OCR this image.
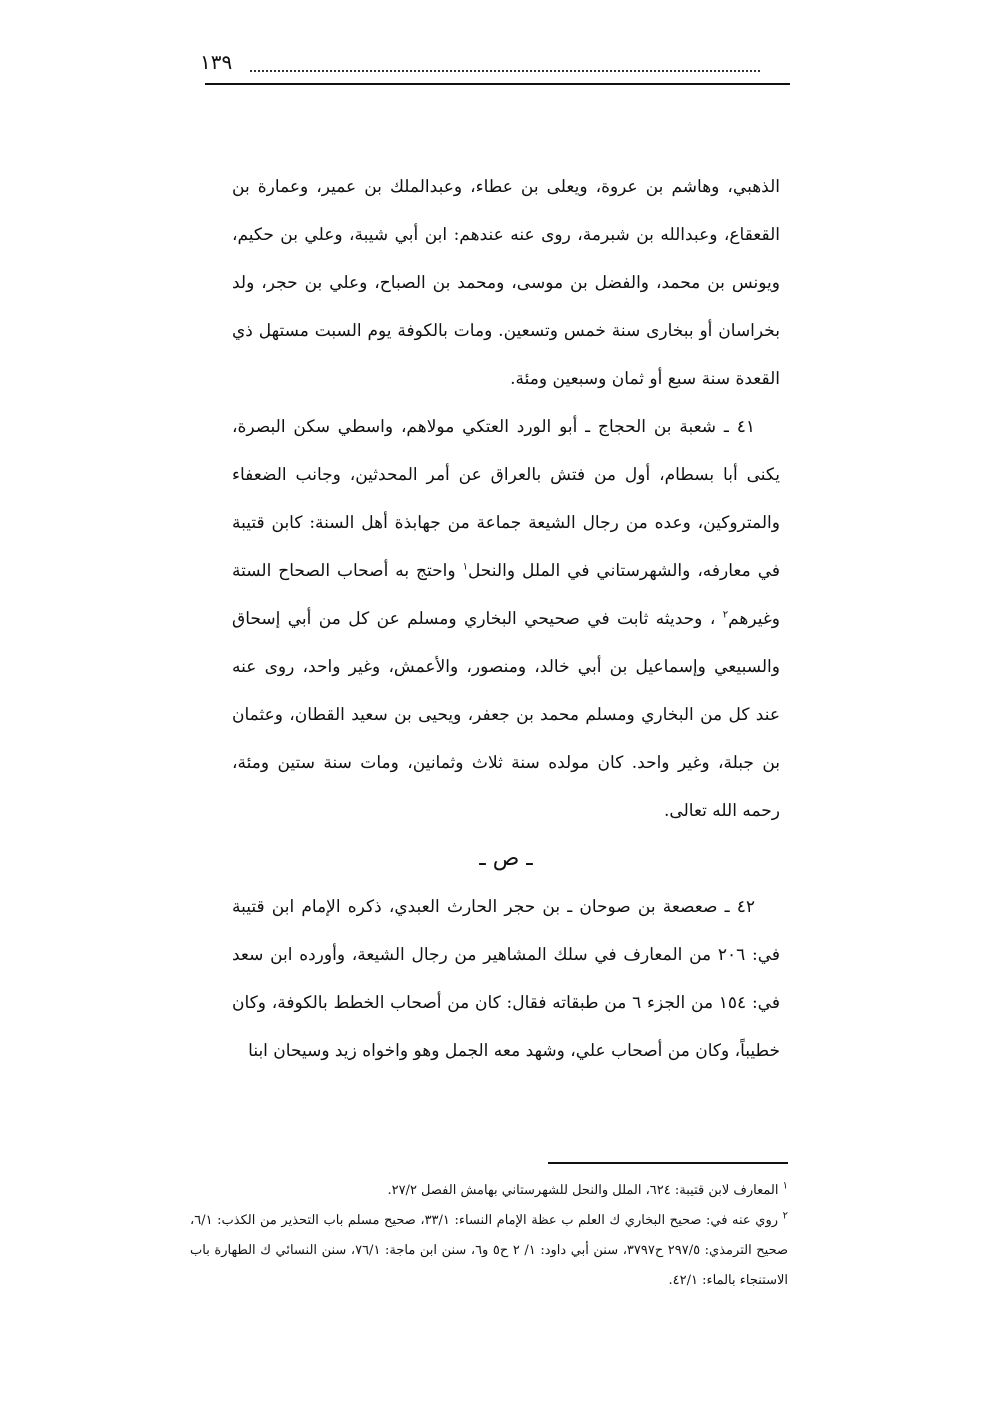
١٣٩

الذهبي، وهاشم بن عروة، ويعلى بن عطاء، وعبدالملك بن عمير، وعمارة بن القعقاع، وعبدالله بن شبرمة، روى عنه عندهم: ابن أبي شيبة، وعلي بن حكيم، ويونس بن محمد، والفضل بن موسى، ومحمد بن الصباح، وعلي بن حجر، ولد بخراسان أو ببخارى سنة خمس وتسعين. ومات بالكوفة يوم السبت مستهل ذي القعدة سنة سبع أو ثمان وسبعين ومئة.

٤١ ـ شعبة بن الحجاج ـ أبو الورد العتكي مولاهم، واسطي سكن البصرة، يكنى أبا بسطام، أول من فتش بالعراق عن أمر المحدثين، وجانب الضعفاء والمتروكين، وعده من رجال الشيعة جماعة من جهابذة أهل السنة: كابن قتيبة في معارفه، والشهرستاني في الملل والنحل$^١$ واحتج به أصحاب الصحاح الستة وغيرهم$^٢$ ، وحديثه ثابت في صحيحي البخاري ومسلم عن كل من أبي إسحاق والسبيعي وإسماعيل بن أبي خالد، ومنصور، والأعمش، وغير واحد، روى عنه عند كل من البخاري ومسلم محمد بن جعفر، ويحيى بن سعيد القطان، وعثمان بن جبلة، وغير واحد. كان مولده سنة ثلاث وثمانين، ومات سنة ستين ومئة، رحمه الله تعالى.

ـ ص ـ

٤٢ ـ صعصعة بن صوحان ـ بن حجر الحارث العبدي، ذكره الإمام ابن قتيبة في: ٢٠٦ من المعارف في سلك المشاهير من رجال الشيعة، وأورده ابن سعد في: ١٥٤ من الجزء ٦ من طبقاته فقال: كان من أصحاب الخطط بالكوفة، وكان خطيباً، وكان من أصحاب علي، وشهد معه الجمل وهو واخواه زيد وسيحان ابنا

$^١$ المعارف لابن قتيبة: ٦٢٤، الملل والنحل للشهرستاني بهامش الفصل ٢٧/٢.

$^٢$ روي عنه في: صحيح البخاري ك العلم ب عظة الإمام النساء: ٣٣/١، صحيح مسلم باب التحذير من الكذب: ٦/١، صحيح الترمذي: ٢٩٧/٥ ح٣٧٩٧، سنن أبي داود: ١/ ٢ ح٥ و٦، سنن ابن ماجة: ٧٦/١، سنن النسائي ك الطهارة باب الاستنجاء بالماء: ٤٢/١.
